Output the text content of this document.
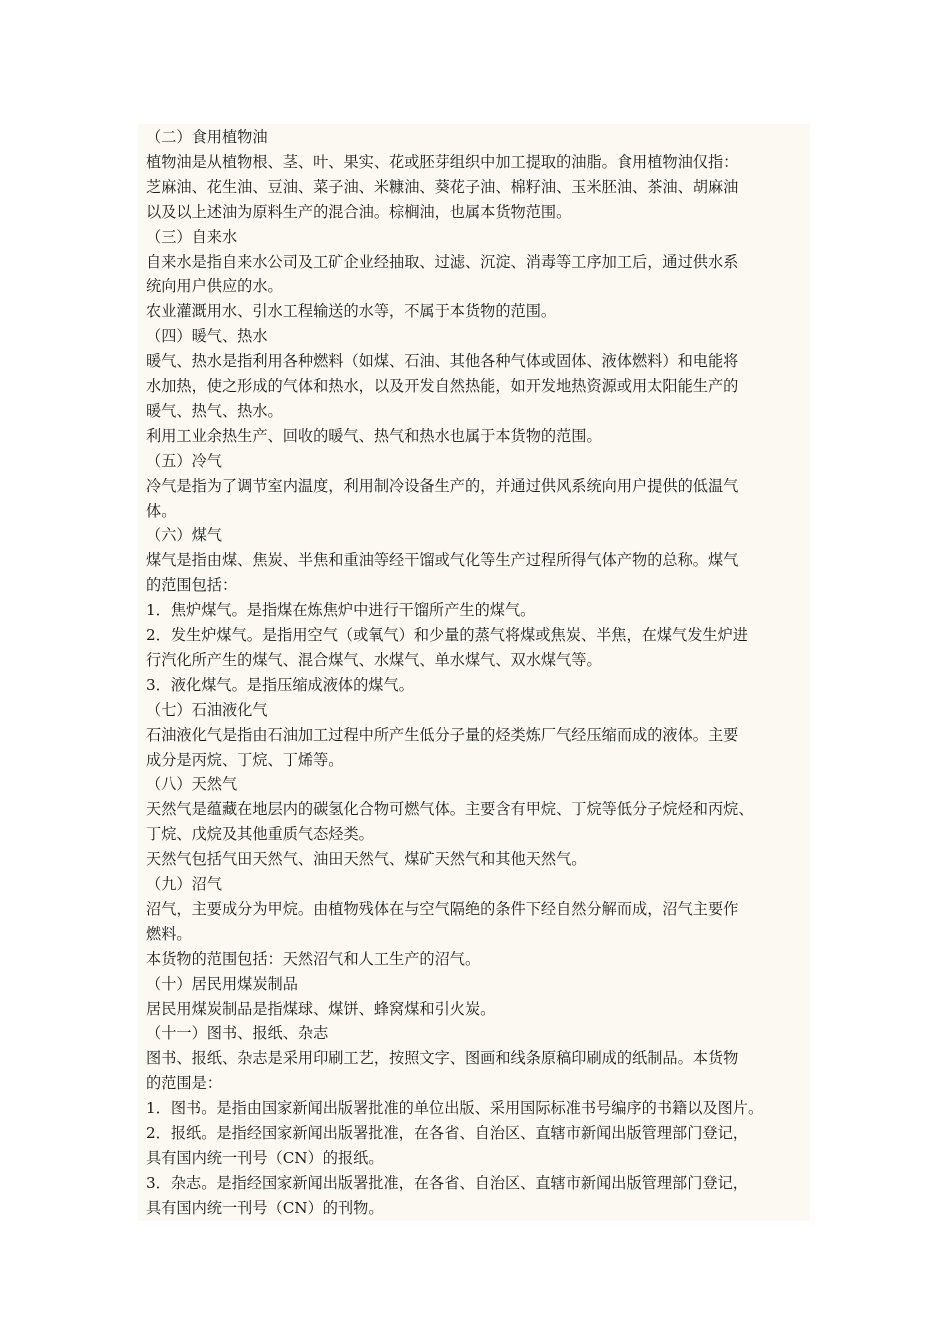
（二）食用植物油
植物油是从植物根、茎、叶、果实、花或胚芽组织中加工提取的油脂。食用植物油仅指：
芝麻油、花生油、豆油、菜子油、米糠油、葵花子油、棉籽油、玉米胚油、茶油、胡麻油
以及以上述油为原料生产的混合油。棕榈油，也属本货物范围。
（三）自来水
自来水是指自来水公司及工矿企业经抽取、过滤、沉淀、消毒等工序加工后，通过供水系
统向用户供应的水。
农业灌溉用水、引水工程输送的水等，不属于本货物的范围。
（四）暖气、热水
暖气、热水是指利用各种燃料（如煤、石油、其他各种气体或固体、液体燃料）和电能将
水加热，使之形成的气体和热水，以及开发自然热能，如开发地热资源或用太阳能生产的
暖气、热气、热水。
利用工业余热生产、回收的暖气、热气和热水也属于本货物的范围。
（五）冷气
冷气是指为了调节室内温度，利用制冷设备生产的，并通过供风系统向用户提供的低温气
体。
（六）煤气
煤气是指由煤、焦炭、半焦和重油等经干馏或气化等生产过程所得气体产物的总称。煤气
的范围包括：
1．焦炉煤气。是指煤在炼焦炉中进行干馏所产生的煤气。
2．发生炉煤气。是指用空气（或氧气）和少量的蒸气将煤或焦炭、半焦，在煤气发生炉进
行汽化所产生的煤气、混合煤气、水煤气、单水煤气、双水煤气等。
3．液化煤气。是指压缩成液体的煤气。
（七）石油液化气
石油液化气是指由石油加工过程中所产生低分子量的烃类炼厂气经压缩而成的液体。主要
成分是丙烷、丁烷、丁烯等。
（八）天然气
天然气是蕴藏在地层内的碳氢化合物可燃气体。主要含有甲烷、丁烷等低分子烷烃和丙烷、
丁烷、戊烷及其他重质气态烃类。
天然气包括气田天然气、油田天然气、煤矿天然气和其他天然气。
（九）沼气
沼气，主要成分为甲烷。由植物残体在与空气隔绝的条件下经自然分解而成，沼气主要作
燃料。
本货物的范围包括：天然沼气和人工生产的沼气。
（十）居民用煤炭制品
居民用煤炭制品是指煤球、煤饼、蜂窝煤和引火炭。
（十一）图书、报纸、杂志
图书、报纸、杂志是采用印刷工艺，按照文字、图画和线条原稿印刷成的纸制品。本货物
的范围是：
1．图书。是指由国家新闻出版署批准的单位出版、采用国际标准书号编序的书籍以及图片。
2．报纸。是指经国家新闻出版署批准，在各省、自治区、直辖市新闻出版管理部门登记，
具有国内统一刊号（CN）的报纸。
3．杂志。是指经国家新闻出版署批准，在各省、自治区、直辖市新闻出版管理部门登记，
具有国内统一刊号（CN）的刊物。
